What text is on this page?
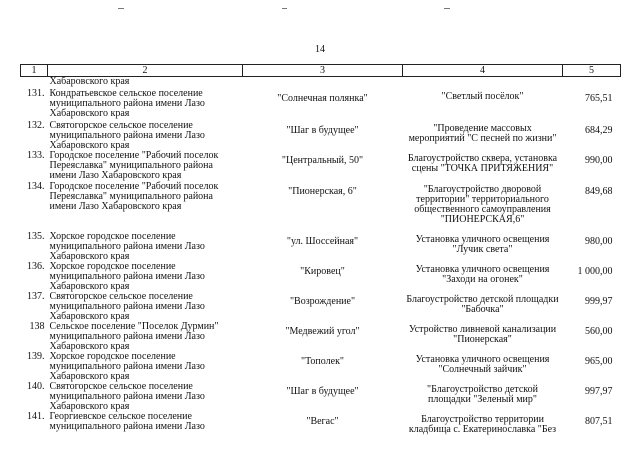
14
1	2	3	4	5
	Хабаровского края			
131.	Кондратьевское сельское поселение муниципального района имени Лазо Хабаровского края	"Солнечная полянка"	"Светлый посёлок"	765,51
132.	Святогорское сельское поселение муниципального района имени Лазо Хабаровского края	"Шаг в будущее"	"Проведение массовых мероприятий "С песней по жизни"	684,29
133.	Городское поселение "Рабочий поселок Переяславка" муниципального района имени Лазо Хабаровского края	"Центральный, 50"	Благоустройство сквера, установка сцены "ТОЧКА ПРИТЯЖЕНИЯ"	990,00
134.	Городское поселение "Рабочий поселок Переяславка" муниципального района имени Лазо Хабаровского края	"Пионерская, 6"	"Благоустройство дворовой территории" территориального общественного самоуправления "ПИОНЕРСКАЯ,6"	849,68
135.	Хорское городское поселение муниципального района имени Лазо Хабаровского края	"ул. Шоссейная"	Установка уличного освещения "Лучик света"	980,00
136.	Хорское городское поселение муниципального района имени Лазо Хабаровского края	"Кировец"	Установка уличного освещения "Заходи на огонек"	1 000,00
137.	Святогорское сельское поселение муниципального района имени Лазо Хабаровского края	"Возрождение"	Благоустройство детской площадки "Бабочка"	999,97
138	Сельское поселение "Поселок Дурмин" муниципального района имени Лазо Хабаровского края	"Медвежий угол"	Устройство ливневой канализации "Пионерская"	560,00
139.	Хорское городское поселение муниципального района имени Лазо Хабаровского края	"Тополек"	Установка уличного освещения "Солнечный зайчик"	965,00
140.	Святогорское сельское поселение муниципального района имени Лазо Хабаровского края	"Шаг в будущее"	"Благоустройство детской площадки "Зеленый мир"	997,97
141.	Георгиевское сельское поселение муниципального района имени Лазо	"Вегас"	Благоустройство территории кладбища с. Екатеринославка "Без	807,51
